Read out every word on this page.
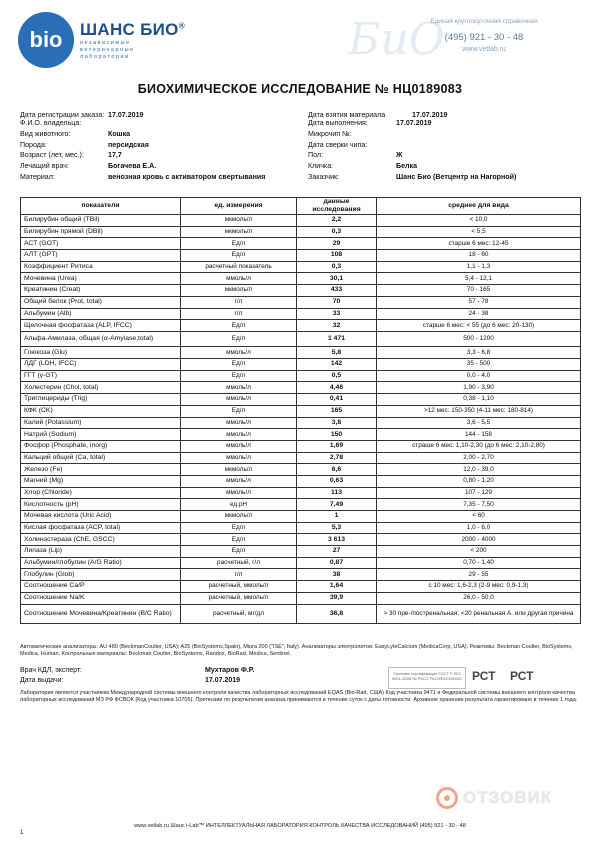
bio	ШАНС БИО®
независимые ветеринарные лаборатории	БиО
Единая круглосуточная справочная
(495) 921 - 30 - 48
www.vetlab.ru
БИОХИМИЧЕСКОЕ ИССЛЕДОВАНИЕ № НЦ0189083
Дата регистрации заказа: 17.07.2019	Дата взятия материала	17.07.2019
Ф.И.О. владельца:	Дата выполнения:	17.07.2019
Вид животного:	Кошка	Микрочип №:
Порода:	персидская	Дата сверки чипа:
Возраст (лет, мес.):	17,7	Пол:	Ж
Лечащий врач:	Богачева Е.А.	Кличка:	Белка
Материал:	венозная кровь с активатором свертывания	Заказчик:	Шанс Био (Ветцентр на Нагорной)
показатели	ед. измерения	данные исследования	среднее для вида
Билирубин общий (TBil)	мкмоль/л	2,2	< 10,0
Билирубин прямой (DBil)	мкмоль/л	0,3	< 5,5
АСТ (GOT)	Ед/л	29	старше 6 мес: 12-45
АЛТ (GPT)	Ед/л	108	18 - 60
Коэффициент Ритиса	расчетный показатель	0,3	1,1 - 1,3
Мочевина (Urea)	ммоль/л	30,1	5,4 - 12,1
Креатинин (Creat)	мкмоль/л	433	70 - 165
Общий белок (Prot, total)	г/л	70	57 - 78
Альбумин (Alb)	г/л	33	24 - 38
Щелочная фосфатаза (ALP, IFCC)	Ед/л	32	старше 6 мес: < 55 (до 6 мес: 20-130)
Альфа-Амилаза, общая (α-Amylase,total)	Ед/л	1 471	500 - 1200
Глюкоза (Glu)	ммоль/л	5,8	3,3 - 6,8
ЛДГ (LDH, IFCC)	Ед/л	142	35 - 500
ГГТ (γ-GT)	Ед/л	0,5	0,0 - 4,0
Холестерин (Chol, total)	ммоль/л	4,46	1,90 - 3,90
Триглицериды (Trig)	ммоль/л	0,41	0,38 - 1,10
КФК (CK)	Ед/л	165	>12 мес: 150-350 (4-11 мес: 180-814)
Калий (Potassium)	ммоль/л	3,8	3,6 - 5,5
Натрий (Sodium)	ммоль/л	150	144 - 158
Фосфор (Phosphate, inorg)	ммоль/л	1,69	страше 6 мес: 1,10-2,30 (до 6 мес: 2,10-2,80)
Кальций общий (Ca, total)	ммоль/л	2,78	2,00 - 2,70
Железо (Fe)	мкмоль/л	6,6	12,0 - 39,0
Магний (Mg)	ммоль/л	0,63	0,80 - 1,20
Хлор (Chloride)	ммоль/л	113	107 - 129
Кислотность (pH)	ед.pH	7,49	7,35 - 7,50
Мочевая кислота (Uric Acid)	мкмоль/л	1	< 60
Кислая фосфатаза (ACP, total)	Ед/л	5,3	1,0 - 6,0
Холинэстераза (ChE, GSCC)	Ед/л	3 613	2000 - 4000
Липаза (Lip)	Ед/л	27	< 200
Альбумин/глобулин (A/G Ratio)	расчетный, г/л	0,87	0,70 - 1,40
Глобулин (Glob)	г/л	38	29 - 55
Соотношение Ca/P	расчетный, ммоль/л	1,64	с 10 мес: 1,6-2,3 (2-9 мес: 0,9-1,3)
Соотношение Na/K	расчетный, ммоль/л	39,9	26,0 - 50,0
Соотношение Мочевина/Креатинин (B/C Ratio)	расчетный, мг/дл	36,8	> 30 пре-/постренальная; <20 ренальная А. или другая причина
Автоматические анализаторы: AU 480 (BeckmanCoulter, USA); A25 (BioSystems,Spain), Miura 200 ("ISE", Italy). Анализаторы электролитов: EasyLyteCalcium (MedicaCorp, USA). Реактивы: Beckman Coulter, BioSystems, Medica, Human. Контрольные материалы: Beckman Coulter, BioSystems, Randox, BioRad, Medica, Sentinel.
Врач КДЛ, эксперт:	Мухтаров Ф.Р.
Дата выдачи:	17.07.2019
Система сертификации ГОСТ Р ISO 9001-2008 № РОСС RU.ИФ43.К00521 РСТ РСТ
Лаборатория является участником Международной системы внешнего контроля качества лабораторных исследований EQAS (Bio-Rad, США) Код участника 9471 и Федеральной системы внешнего контроля качества лабораторных исследований МЗ РФ ФСВОК (Код участника 10705). Претензии по результатам анализа принимаются в течение суток с даты готовности. Архивное хранение результата гарантировано в течение 1 года.
ОТЗОВИК
www.vetlab.ru Шанс i-Lab™ ИНТЕЛЛЕКТУАЛЬНАЯ ЛАБОРАТОРИЯ КОНТРОЛЬ КАЧЕСТВА ИССЛЕДОВАНИЙ (495) 921 - 30 - 48
1
